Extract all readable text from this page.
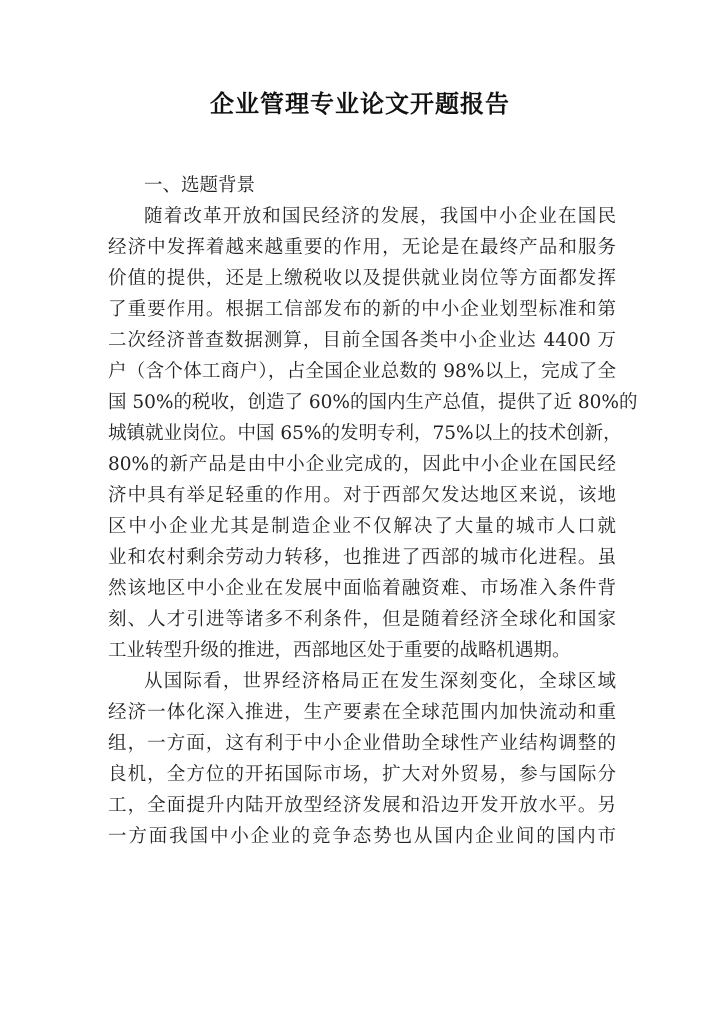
企业管理专业论文开题报告
一、选题背景
随着改革开放和国民经济的发展，我国中小企业在国民
经济中发挥着越来越重要的作用，无论是在最终产品和服务
价值的提供，还是上缴税收以及提供就业岗位等方面都发挥
了重要作用。根据工信部发布的新的中小企业划型标准和第
二次经济普查数据测算，目前全国各类中小企业达 4400 万
户（含个体工商户），占全国企业总数的 98%以上，完成了全
国 50%的税收，创造了 60%的国内生产总值，提供了近 80%的
城镇就业岗位。中国 65%的发明专利，75%以上的技术创新，
80%的新产品是由中小企业完成的，因此中小企业在国民经
济中具有举足轻重的作用。对于西部欠发达地区来说，该地
区中小企业尤其是制造企业不仅解决了大量的城市人口就
业和农村剩余劳动力转移，也推进了西部的城市化进程。虽
然该地区中小企业在发展中面临着融资难、市场准入条件背
刻、人才引进等诸多不利条件，但是随着经济全球化和国家
工业转型升级的推进，西部地区处于重要的战略机遇期。
从国际看，世界经济格局正在发生深刻变化，全球区域
经济一体化深入推进，生产要素在全球范围内加快流动和重
组，一方面，这有利于中小企业借助全球性产业结构调整的
良机，全方位的开拓国际市场，扩大对外贸易，参与国际分
工，全面提升内陆开放型经济发展和沿边开发开放水平。另
一方面我国中小企业的竞争态势也从国内企业间的国内市
